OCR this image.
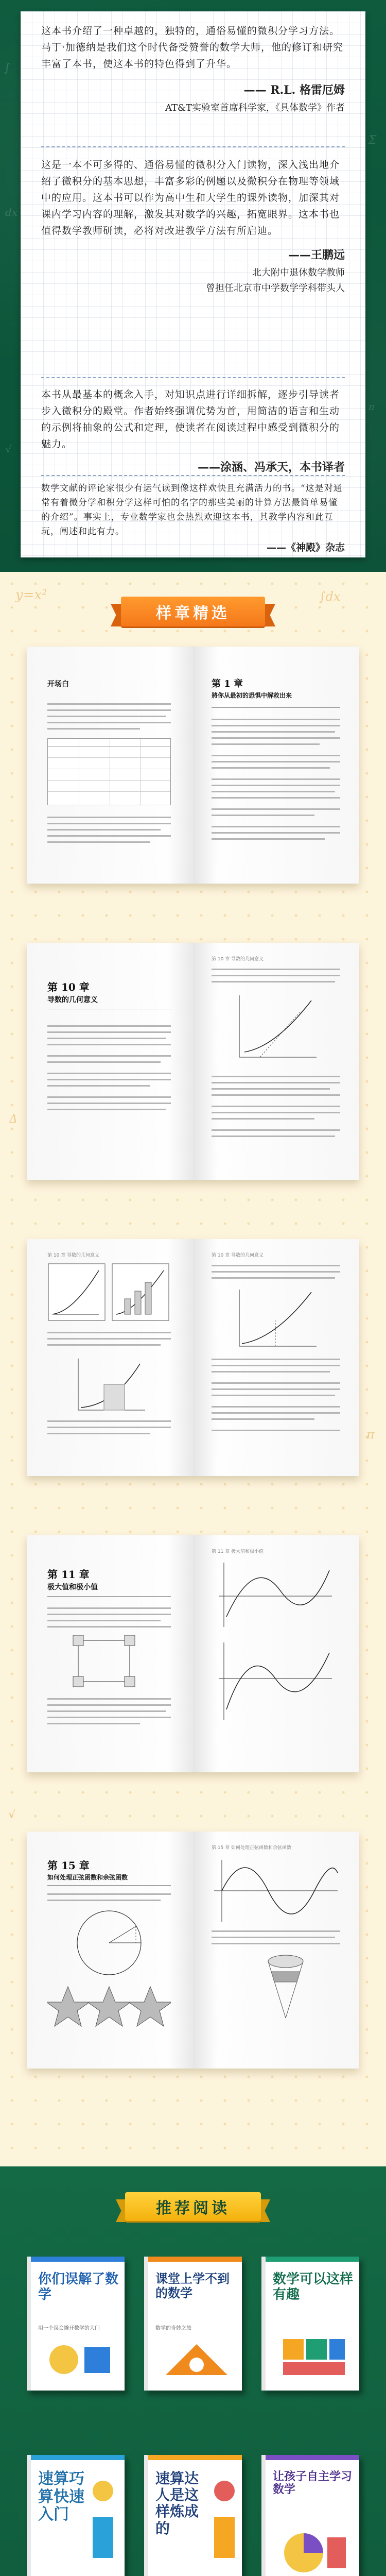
∫
dx
Σ
π
√

这本书介绍了一种卓越的，独特的，通俗易懂的微积分学习方法。马丁·加德纳是我们这个时代备受赞誉的数学大师，他的修订和研究丰富了本书，使这本书的特色得到了升华。

—— R.L. 格雷厄姆
AT&T实验室首席科学家，《具体数学》作者

这是一本不可多得的、通俗易懂的微积分入门读物，深入浅出地介绍了微积分的基本思想，丰富多彩的例题以及微积分在物理等领域中的应用。这本书可以作为高中生和大学生的课外读物，加深其对课内学习内容的理解，激发其对数学的兴趣，拓宽眼界。这本书也值得数学教师研读，必将对改进教学方法有所启迪。

——王鹏远
北大附中退休数学教师
曾担任北京市中学数学学科带头人

本书从最基本的概念入手，对知识点进行详细拆解，逐步引导读者步入微积分的殿堂。作者始终强调优势为首，用简洁的语言和生动的示例将抽象的公式和定理，使读者在阅读过程中感受到微积分的魅力。

——涂涵、冯承天，本书译者

数学文献的评论家很少有运气读到像这样欢快且充满活力的书。“这是对通常有着微分学和积分学这样可怕的名字的那些美丽的计算方法最简单易懂的介绍”。事实上，专业数学家也会热烈欢迎这本书，其教学内容和此互玩，阐述和此有力。

——《神殿》杂志
y=x²	∫dx
Δ
π
√
样章精选
开场白	第 1 章
將你从最初的恐惧中解救出来
第 10 章
导数的几何意义
第 10 章 导数的几何意义
第 10 章 导数的几何意义	第 10 章 导数的几何意义
第 11 章
极大值和极小值
第 11 章 极大值和极小值
第 15 章
如何处理正弦函数和余弦函数
第 15 章 如何处理正弦函数和余弦函数
推荐阅读
你们误解了数学
用一个误会撬开数学的大门
课堂上学不到的数学
数学的奇妙之旅
数学可以这样有趣
速算巧算快速入门
速算达人是这样炼成的
让孩子自主学习数学
